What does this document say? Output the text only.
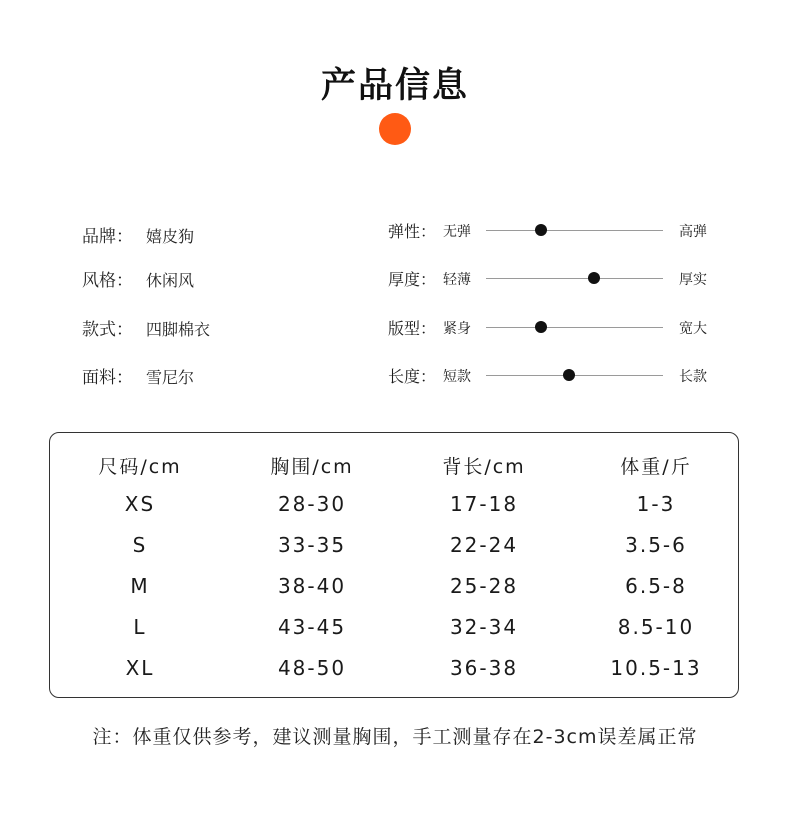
产品信息
品牌： 嬉皮狗
风格： 休闲风
款式： 四脚棉衣
面料： 雪尼尔
弹性： 无弹	高弹
厚度： 轻薄	厚实
版型： 紧身	宽大
长度： 短款	长款
尺码/cm	胸围/cm	背长/cm	体重/斤
XS	28-30	17-18	1-3
S	33-35	22-24	3.5-6
M	38-40	25-28	6.5-8
L	43-45	32-34	8.5-10
XL	48-50	36-38	10.5-13
注：体重仅供参考，建议测量胸围，手工测量存在2-3cm误差属正常
